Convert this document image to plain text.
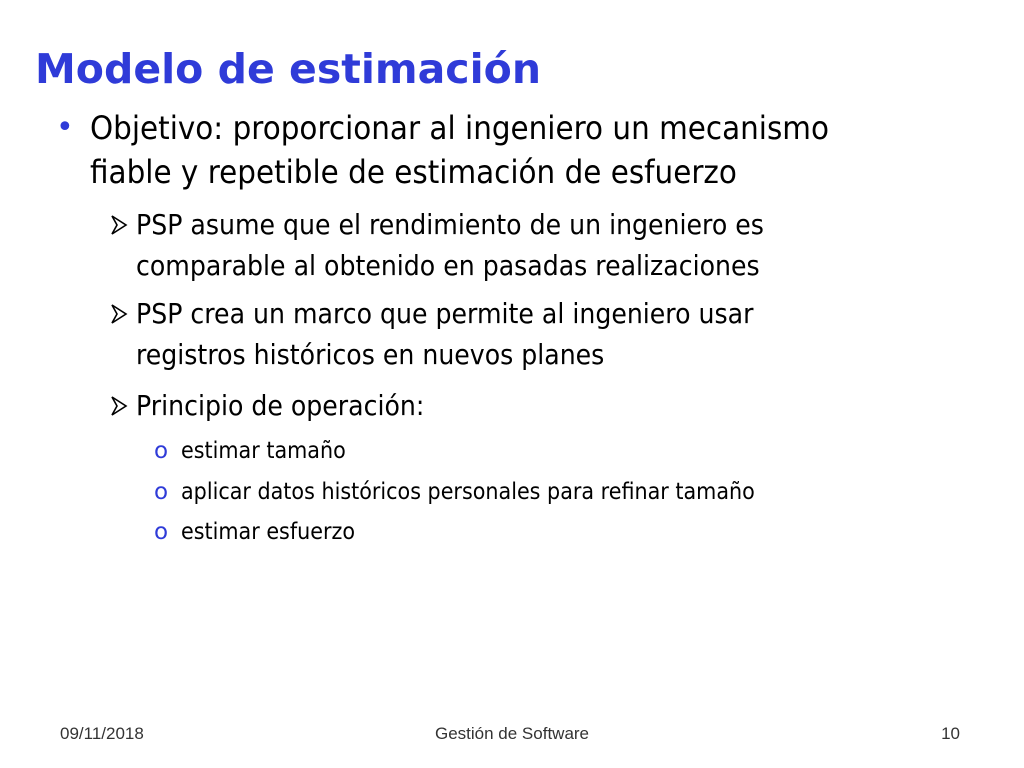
Modelo de estimación
• Objetivo: proporcionar al ingeniero un mecanismo
fiable y repetible de estimación de esfuerzo
PSP asume que el rendimiento de un ingeniero es
comparable al obtenido en pasadas realizaciones
PSP crea un marco que permite al ingeniero usar
registros históricos en nuevos planes
Principio de operación:
o estimar tamaño
o aplicar datos históricos personales para refinar tamaño
o estimar esfuerzo
09/11/2018	Gestión de Software	10
